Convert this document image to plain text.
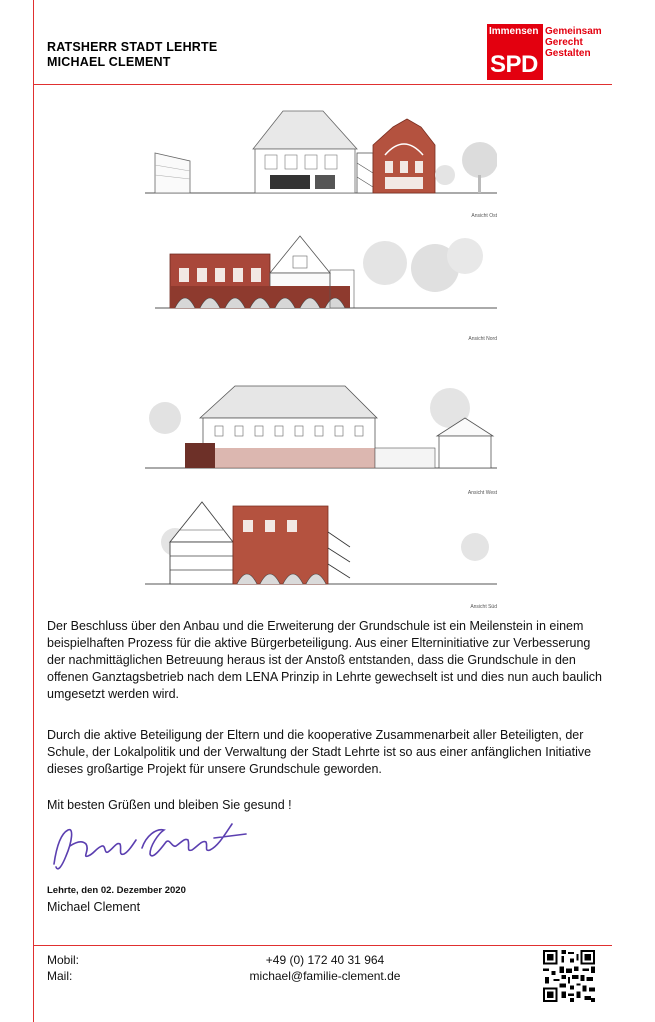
RATSHERR STADT LEHRTE
MICHAEL CLEMENT
Immensen
SPD
Gemeinsam
Gerecht
Gestalten
Ansicht Ost
Ansicht Nord
Ansicht West
Ansicht Süd
Der Beschluss über den Anbau und die Erweiterung der Grundschule ist ein Meilenstein in einem beispielhaften Prozess für die aktive Bürgerbeteiligung. Aus einer Elterninitiative zur Verbesserung der nachmittäglichen Betreuung heraus ist der Anstoß entstanden, dass die Grundschule in den offenen Ganztagsbetrieb nach dem LENA Prinzip in Lehrte gewechselt ist und dies nun auch baulich umgesetzt werden wird.
Durch die aktive Beteiligung der Eltern und die kooperative Zusammenarbeit aller Beteiligten, der Schule, der Lokalpolitik und der Verwaltung der Stadt Lehrte ist so aus einer anfänglichen Initiative dieses großartige Projekt für unsere Grundschule geworden.
Mit besten Grüßen und bleiben Sie gesund !
Lehrte, den 02. Dezember 2020
Michael Clement
Mobil:	+49 (0) 172 40 31 964
Mail:	michael@familie-clement.de
